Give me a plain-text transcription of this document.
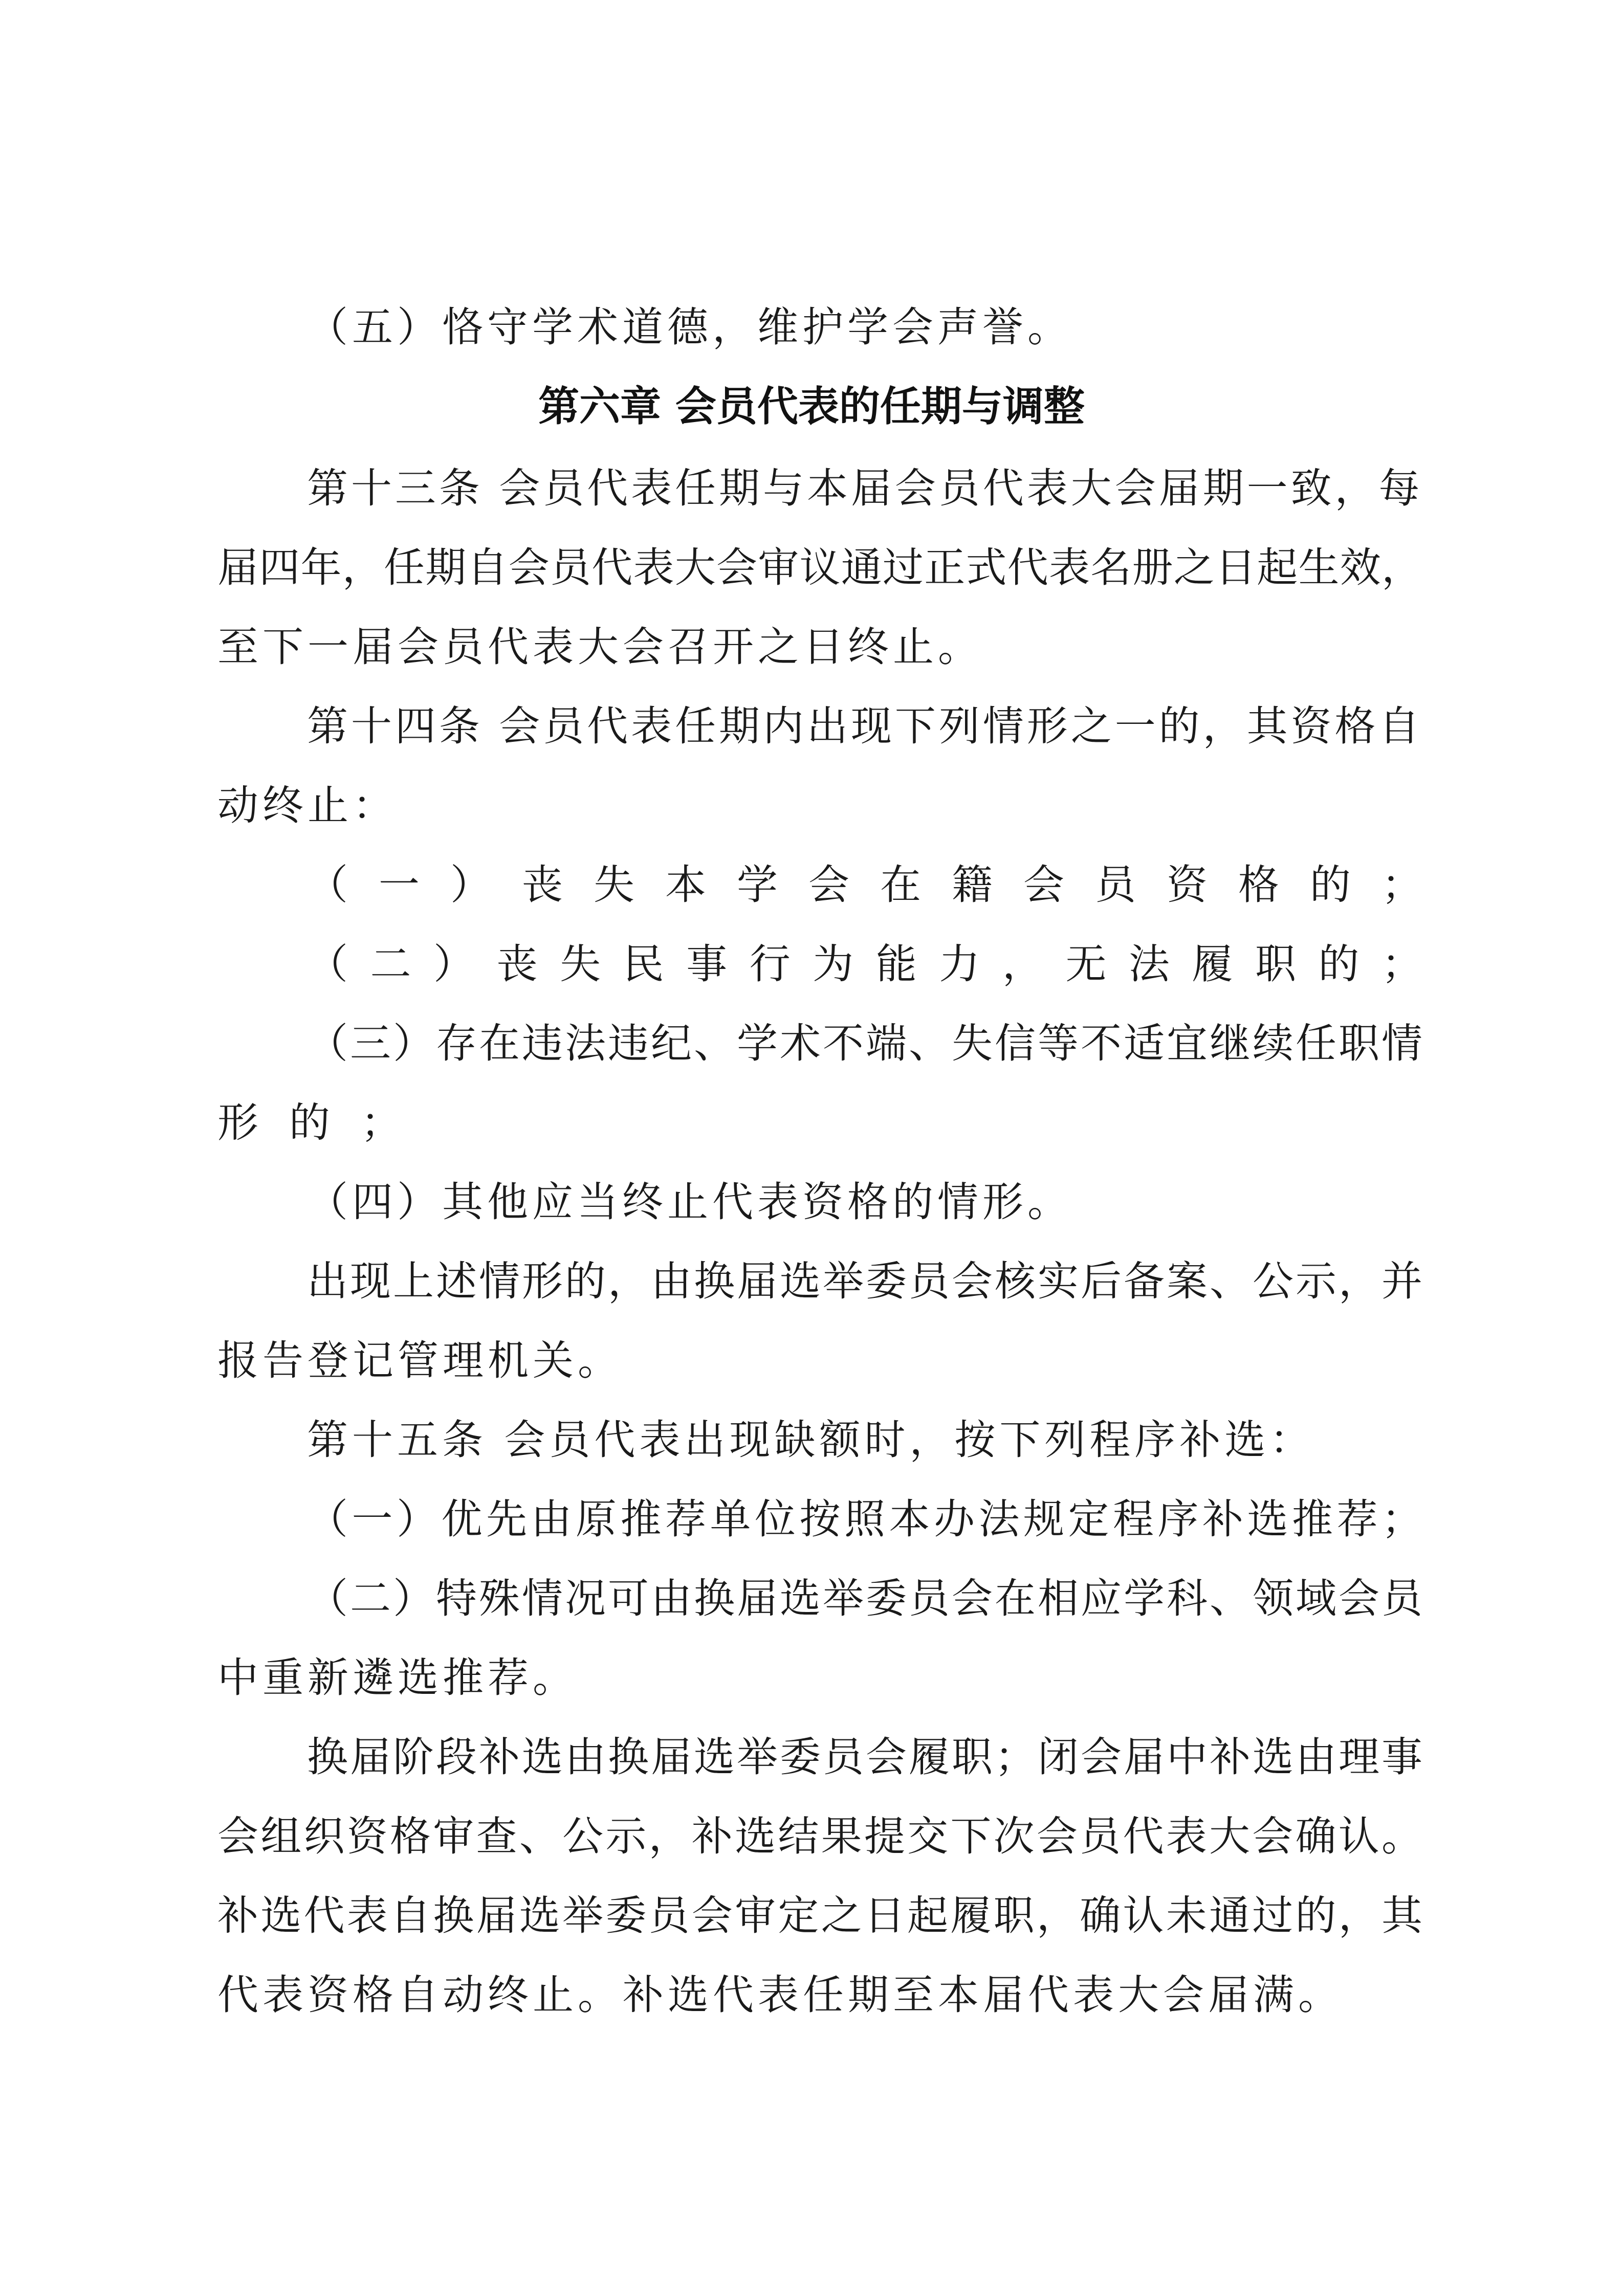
（五）恪守学术道德，维护学会声誉。
第六章 会员代表的任期与调整
第十三条 会员代表任期与本届会员代表大会届期一致，每
届四年，任期自会员代表大会审议通过正式代表名册之日起生效，
至下一届会员代表大会召开之日终止。
第十四条 会员代表任期内出现下列情形之一的，其资格自
动终止：
（一）丧失本学会在籍会员资格的；
（二）丧失民事行为能力，无法履职的；
（三）存在违法违纪、学术不端、失信等不适宜继续任职情
形的；
（四）其他应当终止代表资格的情形。
出现上述情形的，由换届选举委员会核实后备案、公示，并
报告登记管理机关。
第十五条 会员代表出现缺额时，按下列程序补选：
（一）优先由原推荐单位按照本办法规定程序补选推荐；
（二）特殊情况可由换届选举委员会在相应学科、领域会员
中重新遴选推荐。
换届阶段补选由换届选举委员会履职；闭会届中补选由理事
会组织资格审查、公示，补选结果提交下次会员代表大会确认。
补选代表自换届选举委员会审定之日起履职，确认未通过的，其
代表资格自动终止。补选代表任期至本届代表大会届满。
